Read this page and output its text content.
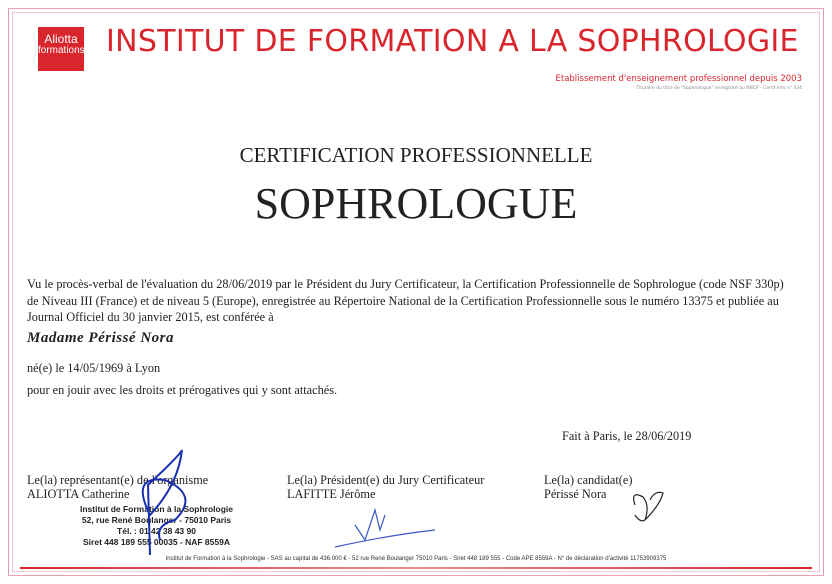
Aliotta
formations INSTITUT DE FORMATION A LA SOPHROLOGIE
Etablissement d'enseignement professionnel depuis 2003
Titulaire du titre de "Sophrologue" enregistré au RNCP - Certif Info n° 334
CERTIFICATION PROFESSIONNELLE
SOPHROLOGUE
Vu le procès-verbal de l'évaluation du 28/06/2019 par le Président du Jury Certificateur, la Certification Professionnelle de Sophrologue (code NSF 330p) de Niveau III (France) et de niveau 5 (Europe), enregistrée au Répertoire National de la Certification Professionnelle sous le numéro 13375 et publiée au Journal Officiel du 30 janvier 2015, est conférée à
Madame Périssé Nora
né(e) le 14/05/1969 à Lyon
pour en jouir avec les droits et prérogatives qui y sont attachés.
Fait à Paris, le 28/06/2019
Le(la) représentant(e) de l'organisme
ALIOTTA Catherine
Institut de Formation à la Sophrologie
52, rue René Boulanger - 75010 Paris
Tél. : 01 42 38 43 90
Siret 448 189 555 00035 - NAF 8559A
Le(la) Président(e) du Jury Certificateur
LAFITTE Jérôme
Le(la) candidat(e)
Périssé Nora
Institut de Formation à la Sophrologie - SAS au capital de 436.000 € - 52 rue René Boulanger 75010 Paris - Siret 448 189 555 - Code APE 8559A - N° de déclaration d'activité 11753909375
